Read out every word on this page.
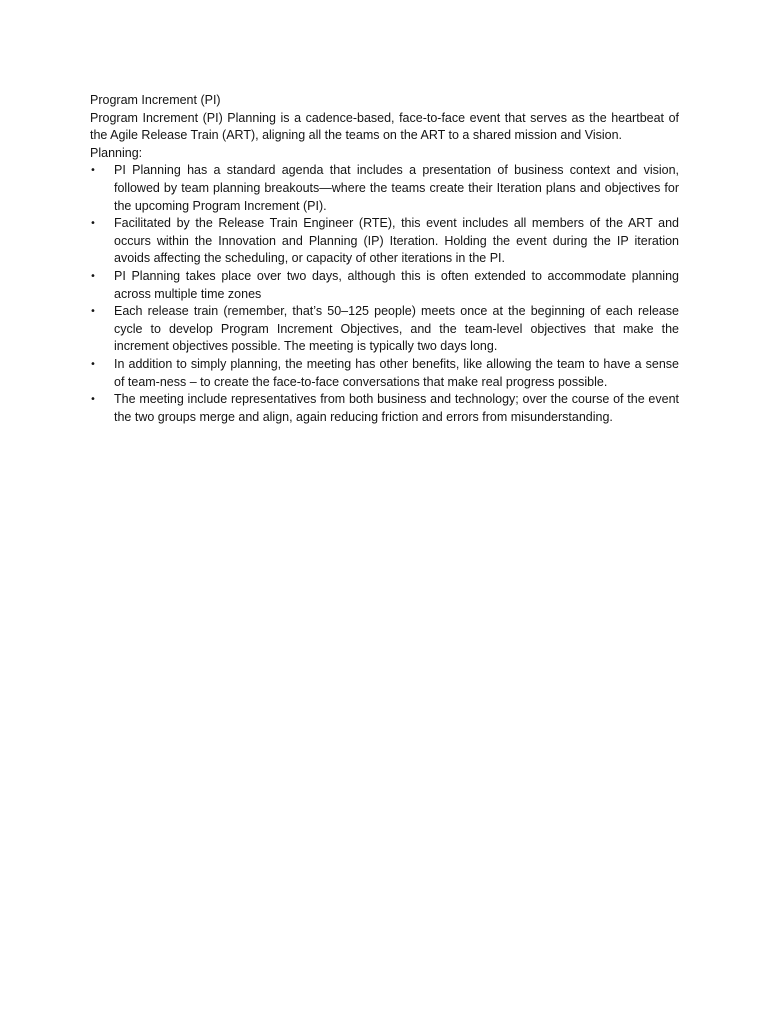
Program Increment (PI)

Program Increment (PI) Planning is a cadence-based, face-to-face event that serves as the heartbeat of the Agile Release Train (ART), aligning all the teams on the ART to a shared mission and Vision.

Planning:

•	PI Planning has a standard agenda that includes a presentation of business context and vision, followed by team planning breakouts—where the teams create their Iteration plans and objectives for the upcoming Program Increment (PI).
•	Facilitated by the Release Train Engineer (RTE), this event includes all members of the ART and occurs within the Innovation and Planning (IP) Iteration. Holding the event during the IP iteration avoids affecting the scheduling, or capacity of other iterations in the PI.
•	PI Planning takes place over two days, although this is often extended to accommodate planning across multiple time zones
•	Each release train (remember, that’s 50–125 people) meets once at the beginning of each release cycle to develop Program Increment Objectives, and the team-level objectives that make the increment objectives possible. The meeting is typically two days long.
•	In addition to simply planning, the meeting has other benefits, like allowing the team to have a sense of team-ness – to create the face-to-face conversations that make real progress possible.
•	The meeting include representatives from both business and technology; over the course of the event the two groups merge and align, again reducing friction and errors from misunderstanding.
